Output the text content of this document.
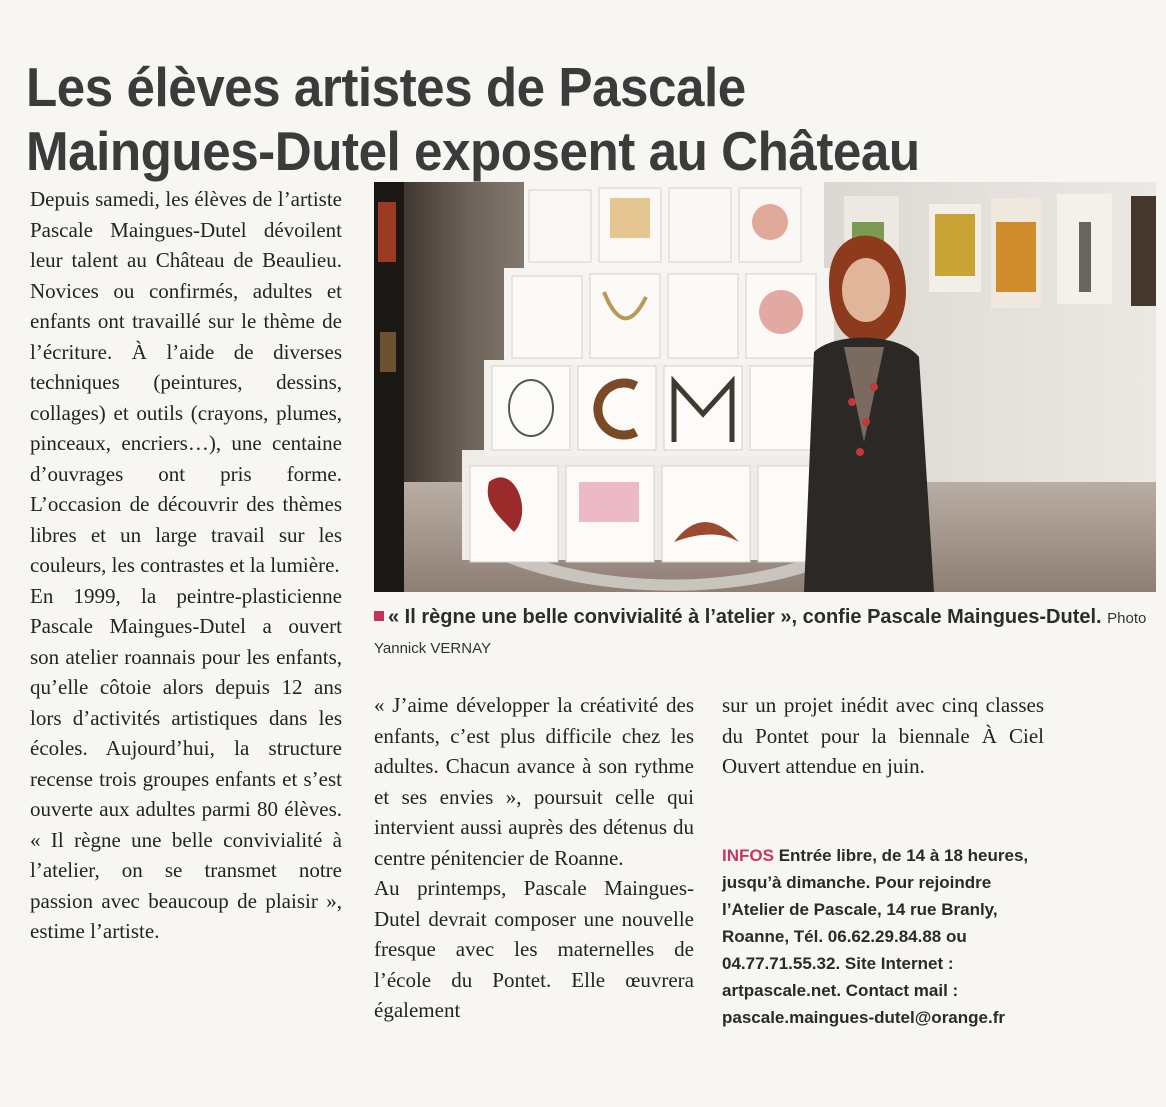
Les élèves artistes de Pascale
Maingues-Dutel exposent au Château

Depuis samedi, les élèves de l’artiste Pascale Maingues-Dutel dévoilent leur talent au Château de Beaulieu. Novices ou confirmés, adultes et enfants ont travaillé sur le thème de l’écriture. À l’aide de diverses techniques (peintures, dessins, collages) et outils (crayons, plumes, pinceaux, encriers…), une centaine d’ouvrages ont pris forme. L’occasion de découvrir des thèmes libres et un large travail sur les couleurs, les contrastes et la lumière.

En 1999, la peintre-plasticienne Pascale Maingues-Dutel a ouvert son atelier roannais pour les enfants, qu’elle côtoie alors depuis 12 ans lors d’activités artistiques dans les écoles. Aujourd’hui, la structure recense trois groupes enfants et s’est ouverte aux adultes parmi 80 élèves. « Il règne une belle convivialité à l’atelier, on se transmet notre passion avec beaucoup de plaisir », estime l’artiste.

« Il règne une belle convivialité à l’atelier », confie Pascale Maingues-Dutel. Photo Yannick VERNAY

« J’aime développer la créativité des enfants, c’est plus difficile chez les adultes. Chacun avance à son rythme et ses envies », poursuit celle qui intervient aussi auprès des détenus du centre pénitencier de Roanne.

Au printemps, Pascale Maingues-Dutel devrait composer une nouvelle fresque avec les maternelles de l’école du Pontet. Elle œuvrera également

sur un projet inédit avec cinq classes du Pontet pour la biennale À Ciel Ouvert attendue en juin.

INFOS Entrée libre, de 14 à 18 heures, jusqu’à dimanche. Pour rejoindre l’Atelier de Pascale, 14 rue Branly, Roanne, Tél. 06.62.29.84.88 ou 04.77.71.55.32. Site Internet : artpascale.net. Contact mail : pascale.maingues-dutel@orange.fr
